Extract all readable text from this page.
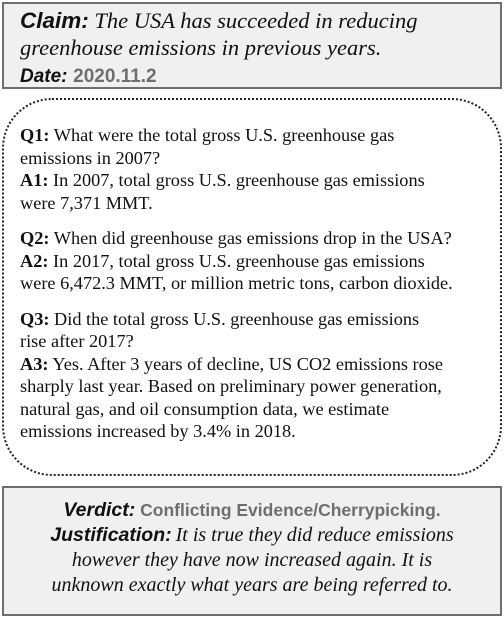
Claim: The USA has succeeded in reducing
greenhouse emissions in previous years.
Date: 2020.11.2
Q1: What were the total gross U.S. greenhouse gas
emissions in 2007?
A1: In 2007, total gross U.S. greenhouse gas emissions
were 7,371 MMT.
Q2: When did greenhouse gas emissions drop in the USA?
A2: In 2017, total gross U.S. greenhouse gas emissions
were 6,472.3 MMT, or million metric tons, carbon dioxide.
Q3: Did the total gross U.S. greenhouse gas emissions
rise after 2017?
A3: Yes. After 3 years of decline, US CO2 emissions rose
sharply last year. Based on preliminary power generation,
natural gas, and oil consumption data, we estimate
emissions increased by 3.4% in 2018.
Verdict: Conflicting Evidence/Cherrypicking.
Justification: It is true they did reduce emissions
however they have now increased again. It is
unknown exactly what years are being referred to.
